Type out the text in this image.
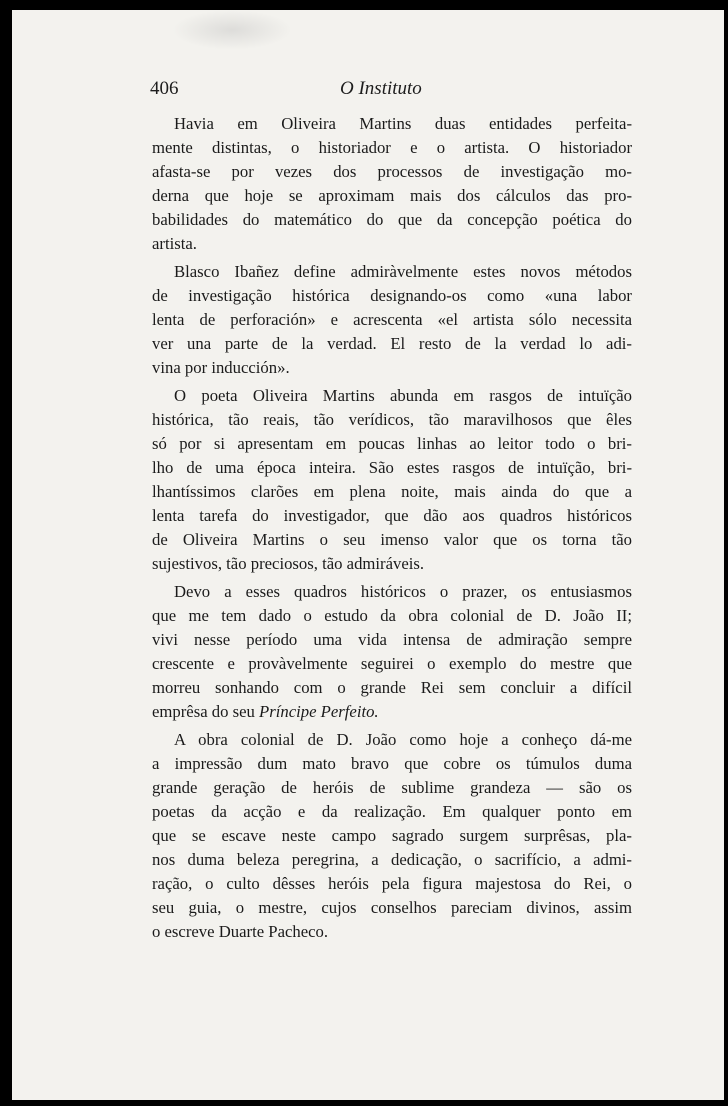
406	O Instituto
Havia em Oliveira Martins duas entidades perfeita-
mente distintas, o historiador e o artista. O historiador
afasta-se por vezes dos processos de investigação mo-
derna que hoje se aproximam mais dos cálculos das pro-
babilidades do matemático do que da concepção poética do
artista.
Blasco Ibañez define admiràvelmente estes novos métodos
de investigação histórica designando-os como «una labor
lenta de perforación» e acrescenta «el artista sólo necessita
ver una parte de la verdad. El resto de la verdad lo adi-
vina por inducción».
O poeta Oliveira Martins abunda em rasgos de intuïção
histórica, tão reais, tão verídicos, tão maravilhosos que êles
só por si apresentam em poucas linhas ao leitor todo o bri-
lho de uma época inteira. São estes rasgos de intuïção, bri-
lhantíssimos clarões em plena noite, mais ainda do que a
lenta tarefa do investigador, que dão aos quadros históricos
de Oliveira Martins o seu imenso valor que os torna tão
sujestivos, tão preciosos, tão admiráveis.
Devo a esses quadros históricos o prazer, os entusiasmos
que me tem dado o estudo da obra colonial de D. João II;
vivi nesse período uma vida intensa de admiração sempre
crescente e provàvelmente seguirei o exemplo do mestre que
morreu sonhando com o grande Rei sem concluir a difícil
emprêsa do seu Príncipe Perfeito.
A obra colonial de D. João como hoje a conheço dá-me
a impressão dum mato bravo que cobre os túmulos duma
grande geração de heróis de sublime grandeza — são os
poetas da acção e da realização. Em qualquer ponto em
que se escave neste campo sagrado surgem surprêsas, pla-
nos duma beleza peregrina, a dedicação, o sacrifício, a admi-
ração, o culto dêsses heróis pela figura majestosa do Rei, o
seu guia, o mestre, cujos conselhos pareciam divinos, assim
o escreve Duarte Pacheco.
